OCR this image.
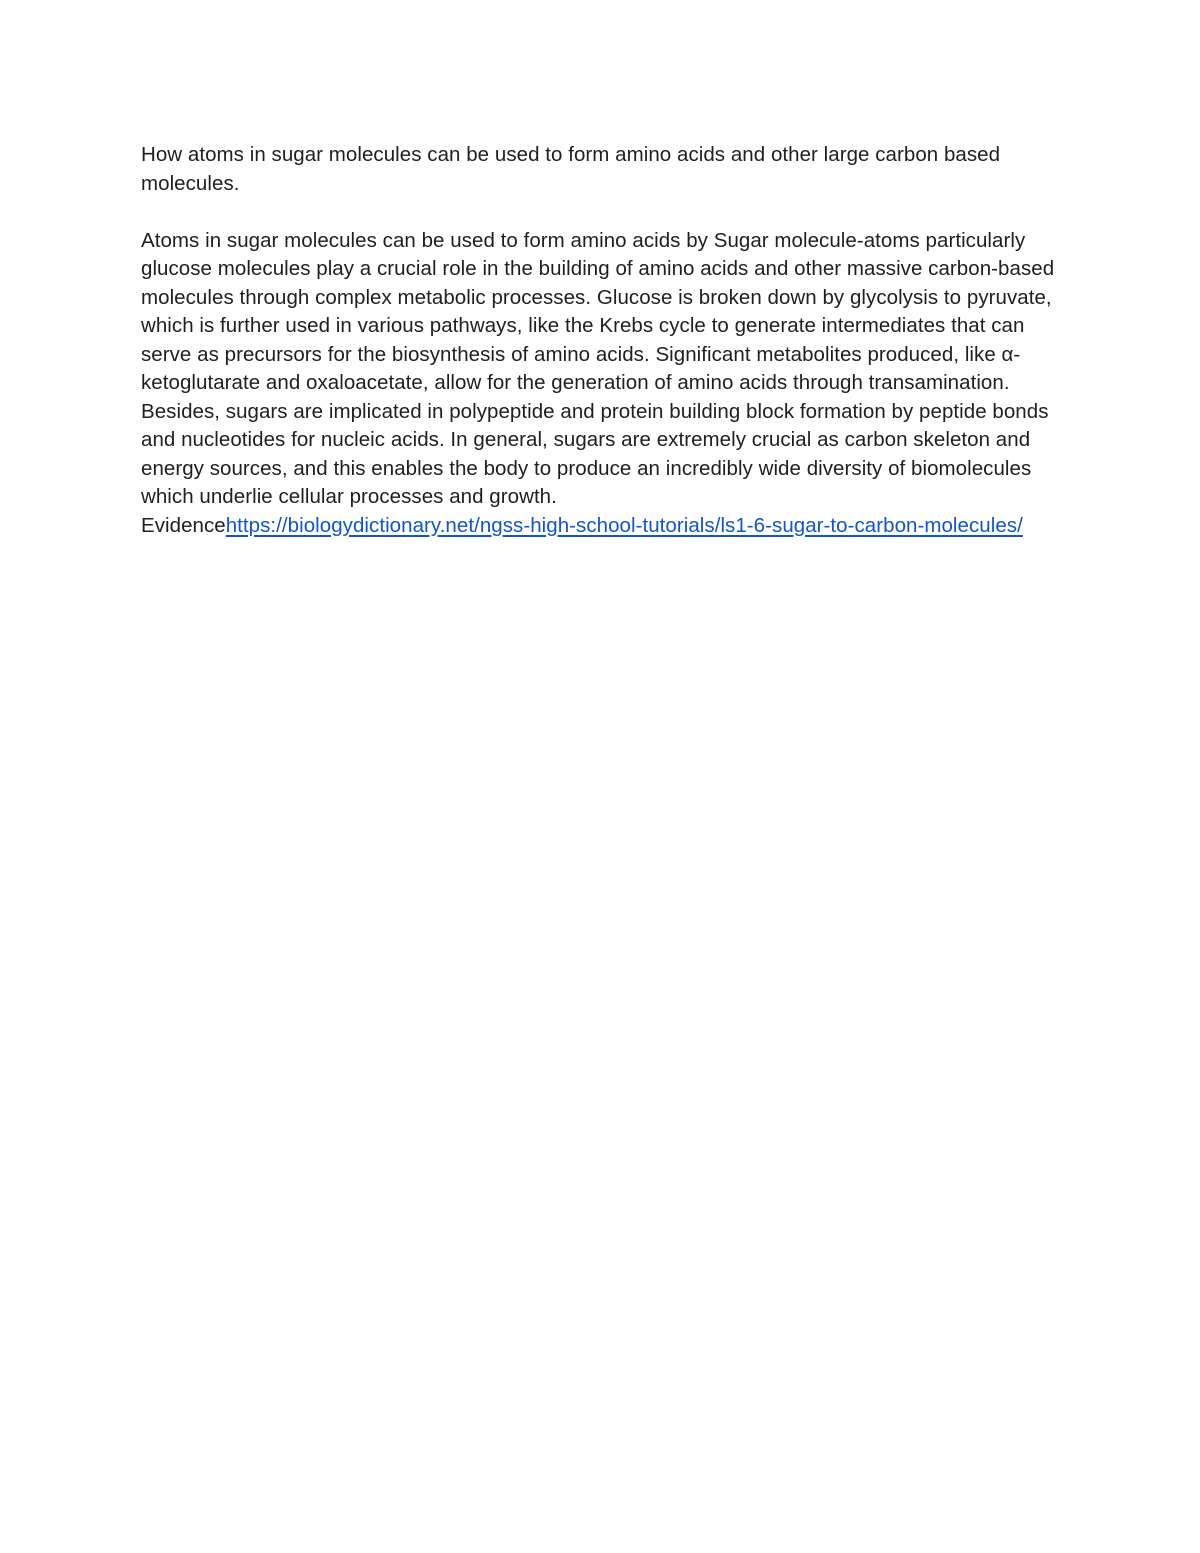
How atoms in sugar molecules can be used to form amino acids and other large carbon based molecules.

Atoms in sugar molecules can be used to form amino acids by Sugar molecule-atoms particularly glucose molecules play a crucial role in the building of amino acids and other massive carbon-based molecules through complex metabolic processes. Glucose is broken down by glycolysis to pyruvate, which is further used in various pathways, like the Krebs cycle to generate intermediates that can serve as precursors for the biosynthesis of amino acids. Significant metabolites produced, like α-ketoglutarate and oxaloacetate, allow for the generation of amino acids through transamination. Besides, sugars are implicated in polypeptide and protein building block formation by peptide bonds and nucleotides for nucleic acids. In general, sugars are extremely crucial as carbon skeleton and energy sources, and this enables the body to produce an incredibly wide diversity of biomolecules which underlie cellular processes and growth.

Evidencehttps://biologydictionary.net/ngss-high-school-tutorials/ls1-6-sugar-to-carbon-molecules/
